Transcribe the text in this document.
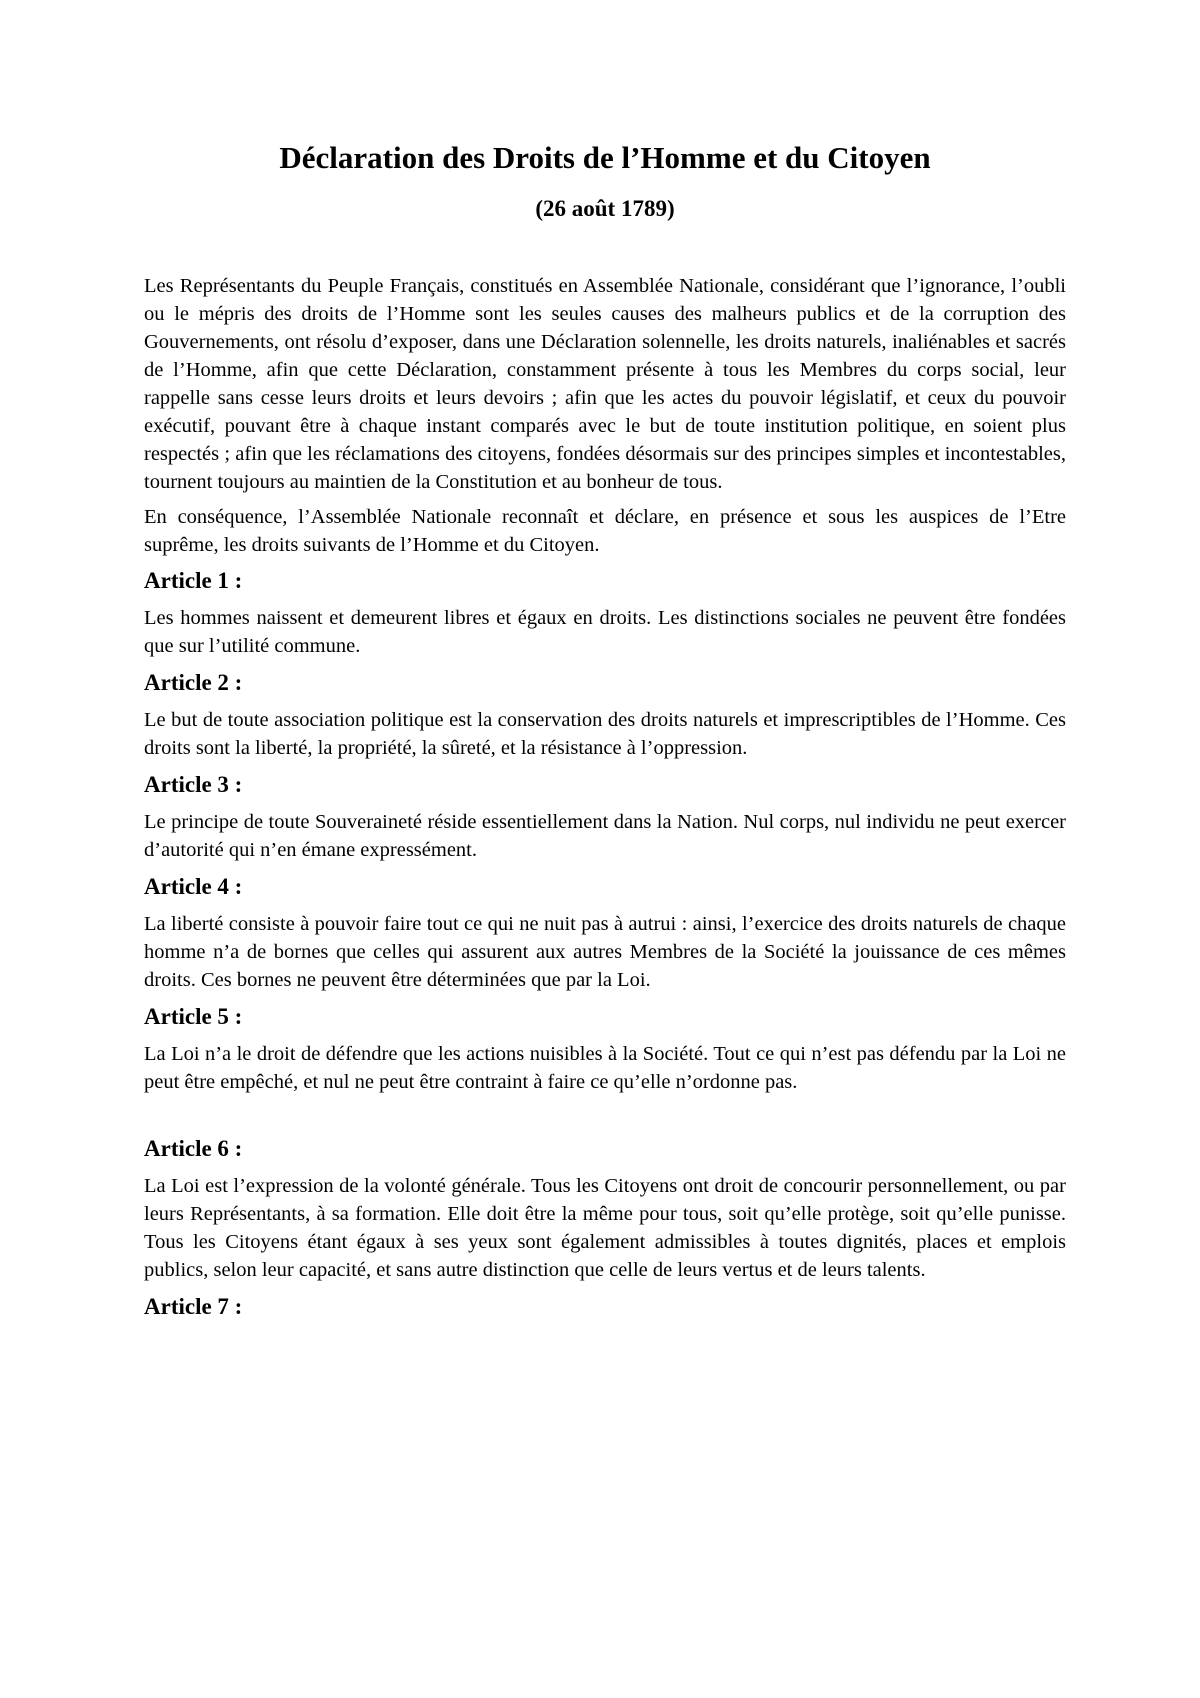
Déclaration des Droits de l’Homme et du Citoyen
(26 août 1789)

Les Représentants du Peuple Français, constitués en Assemblée Nationale, considérant que l’ignorance, l’oubli ou le mépris des droits de l’Homme sont les seules causes des malheurs publics et de la corruption des Gouvernements, ont résolu d’exposer, dans une Déclaration solennelle, les droits naturels, inaliénables et sacrés de l’Homme, afin que cette Déclaration, constamment présente à tous les Membres du corps social, leur rappelle sans cesse leurs droits et leurs devoirs ; afin que les actes du pouvoir législatif, et ceux du pouvoir exécutif, pouvant être à chaque instant comparés avec le but de toute institution politique, en soient plus respectés ; afin que les réclamations des citoyens, fondées désormais sur des principes simples et incontestables, tournent toujours au maintien de la Constitution et au bonheur de tous.

En conséquence, l’Assemblée Nationale reconnaît et déclare, en présence et sous les auspices de l’Etre suprême, les droits suivants de l’Homme et du Citoyen.

Article 1 :

Les hommes naissent et demeurent libres et égaux en droits. Les distinctions sociales ne peuvent être fondées que sur l’utilité commune.

Article 2 :

Le but de toute association politique est la conservation des droits naturels et imprescriptibles de l’Homme. Ces droits sont la liberté, la propriété, la sûreté, et la résistance à l’oppression.

Article 3 :

Le principe de toute Souveraineté réside essentiellement dans la Nation. Nul corps, nul individu ne peut exercer d’autorité qui n’en émane expressément.

Article 4 :

La liberté consiste à pouvoir faire tout ce qui ne nuit pas à autrui : ainsi, l’exercice des droits naturels de chaque homme n’a de bornes que celles qui assurent aux autres Membres de la Société la jouissance de ces mêmes droits. Ces bornes ne peuvent être déterminées que par la Loi.

Article 5 :

La Loi n’a le droit de défendre que les actions nuisibles à la Société. Tout ce qui n’est pas défendu par la Loi ne peut être empêché, et nul ne peut être contraint à faire ce qu’elle n’ordonne pas.

Article 6 :

La Loi est l’expression de la volonté générale. Tous les Citoyens ont droit de concourir personnellement, ou par leurs Représentants, à sa formation. Elle doit être la même pour tous, soit qu’elle protège, soit qu’elle punisse. Tous les Citoyens étant égaux à ses yeux sont également admissibles à toutes dignités, places et emplois publics, selon leur capacité, et sans autre distinction que celle de leurs vertus et de leurs talents.

Article 7 :
